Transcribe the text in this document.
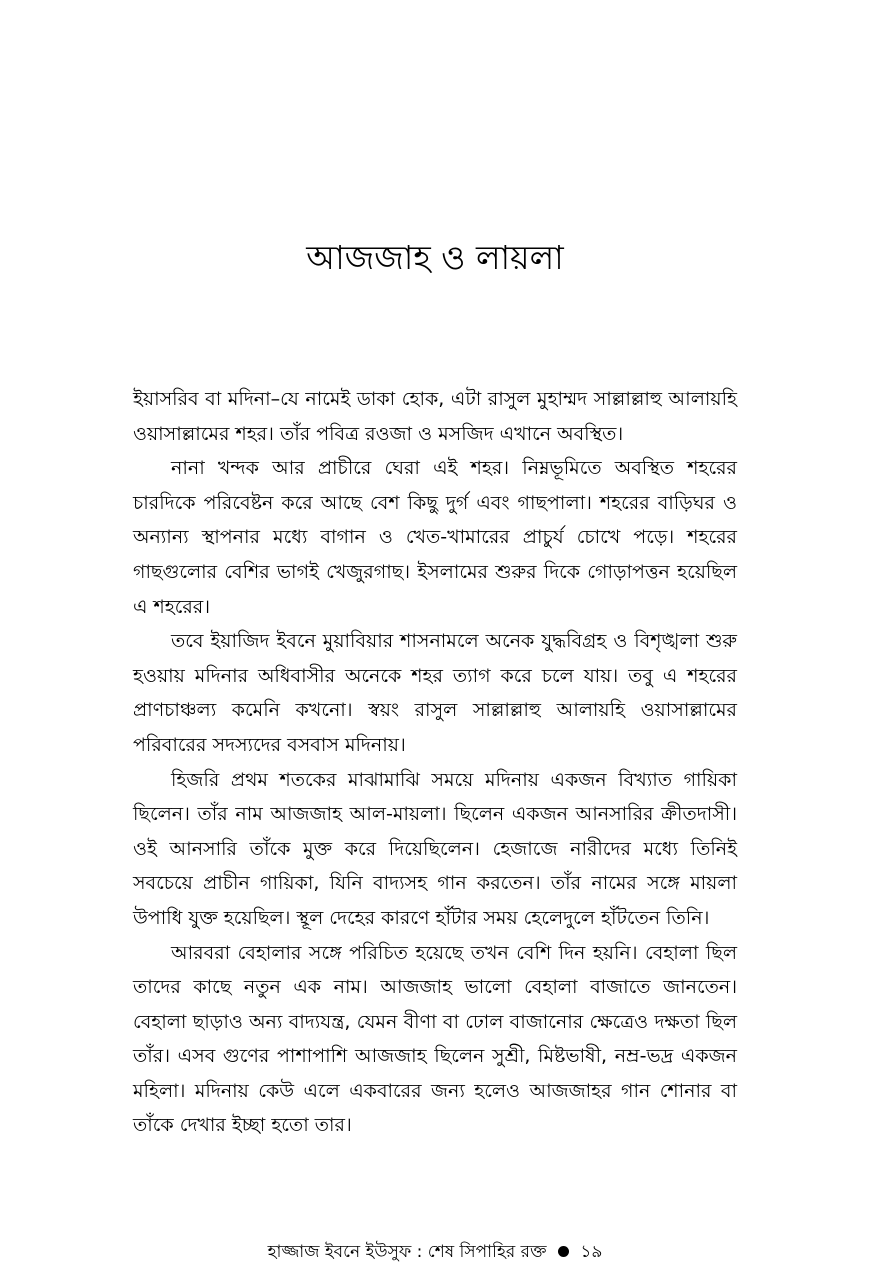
আজজাহ ও লায়লা

ইয়াসরিব বা মদিনা–যে নামেই ডাকা হোক, এটা রাসুল মুহাম্মদ সাল্লাল্লাহু আলায়হি ওয়াসাল্লামের শহর। তাঁর পবিত্র রওজা ও মসজিদ এখানে অবস্থিত।

নানা খন্দক আর প্রাচীরে ঘেরা এই শহর। নিম্নভূমিতে অবস্থিত শহরের চারদিকে পরিবেষ্টন করে আছে বেশ কিছু দুর্গ এবং গাছপালা। শহরের বাড়িঘর ও অন্যান্য স্থাপনার মধ্যে বাগান ও খেত-খামারের প্রাচুর্য চোখে পড়ে। শহরের গাছগুলোর বেশির ভাগই খেজুরগাছ। ইসলামের শুরুর দিকে গোড়াপত্তন হয়েছিল এ শহরের।

তবে ইয়াজিদ ইবনে মুয়াবিয়ার শাসনামলে অনেক যুদ্ধবিগ্রহ ও বিশৃঙ্খলা শুরু হওয়ায় মদিনার অধিবাসীর অনেকে শহর ত্যাগ করে চলে যায়। তবু এ শহরের প্রাণচাঞ্চল্য কমেনি কখনো। স্বয়ং রাসুল সাল্লাল্লাহু আলায়হি ওয়াসাল্লামের পরিবারের সদস্যদের বসবাস মদিনায়।

হিজরি প্রথম শতকের মাঝামাঝি সময়ে মদিনায় একজন বিখ্যাত গায়িকা ছিলেন। তাঁর নাম আজজাহ আল-মায়লা। ছিলেন একজন আনসারির ক্রীতদাসী। ওই আনসারি তাঁকে মুক্ত করে দিয়েছিলেন। হেজাজে নারীদের মধ্যে তিনিই সবচেয়ে প্রাচীন গায়িকা, যিনি বাদ্যসহ গান করতেন। তাঁর নামের সঙ্গে মায়লা উপাধি যুক্ত হয়েছিল। স্থূল দেহের কারণে হাঁটার সময় হেলেদুলে হাঁটতেন তিনি।

আরবরা বেহালার সঙ্গে পরিচিত হয়েছে তখন বেশি দিন হয়নি। বেহালা ছিল তাদের কাছে নতুন এক নাম। আজজাহ ভালো বেহালা বাজাতে জানতেন। বেহালা ছাড়াও অন্য বাদ্যযন্ত্র, যেমন বীণা বা ঢোল বাজানোর ক্ষেত্রেও দক্ষতা ছিল তাঁর। এসব গুণের পাশাপাশি আজজাহ ছিলেন সুশ্রী, মিষ্টভাষী, নম্র-ভদ্র একজন মহিলা। মদিনায় কেউ এলে একবারের জন্য হলেও আজজাহর গান শোনার বা তাঁকে দেখার ইচ্ছা হতো তার।

হাজ্জাজ ইবনে ইউসুফ : শেষ সিপাহির রক্ত ১৯
